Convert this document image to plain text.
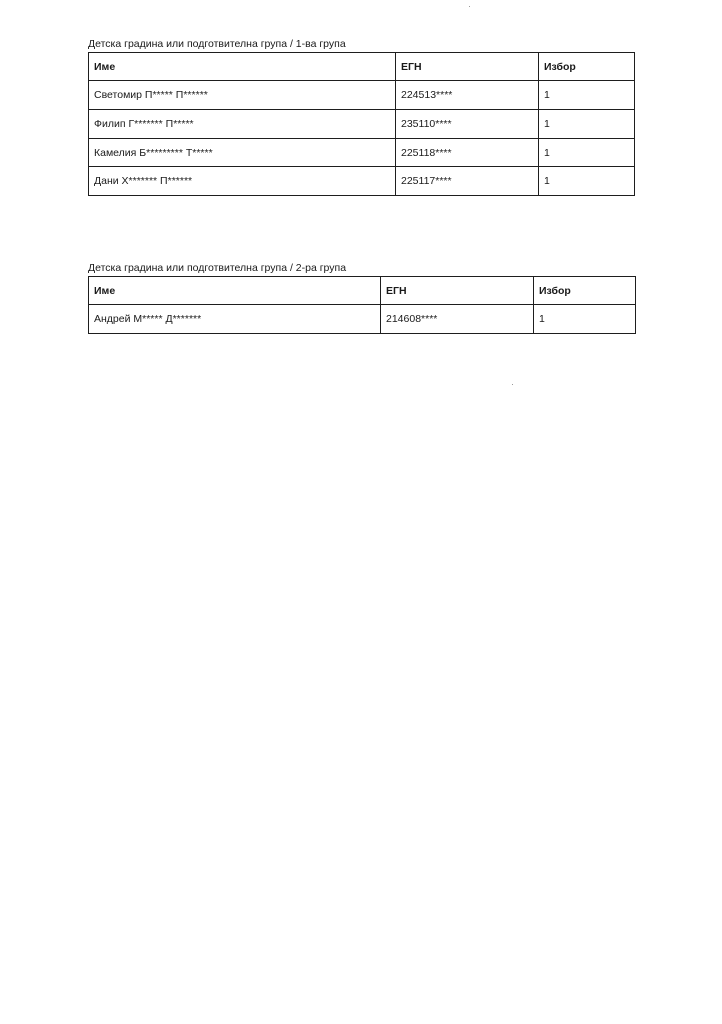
Детска градина или подготвителна група / 1-ва група
Име	ЕГН	Избор
Светомир П***** П******	224513****	1
Филип Г******* П*****	235110****	1
Камелия Б********* Т*****	225118****	1
Дани Х******* П******	225117****	1
Детска градина или подготвителна група / 2-ра група
Име	ЕГН	Избор
Андрей М***** Д*******	214608****	1
